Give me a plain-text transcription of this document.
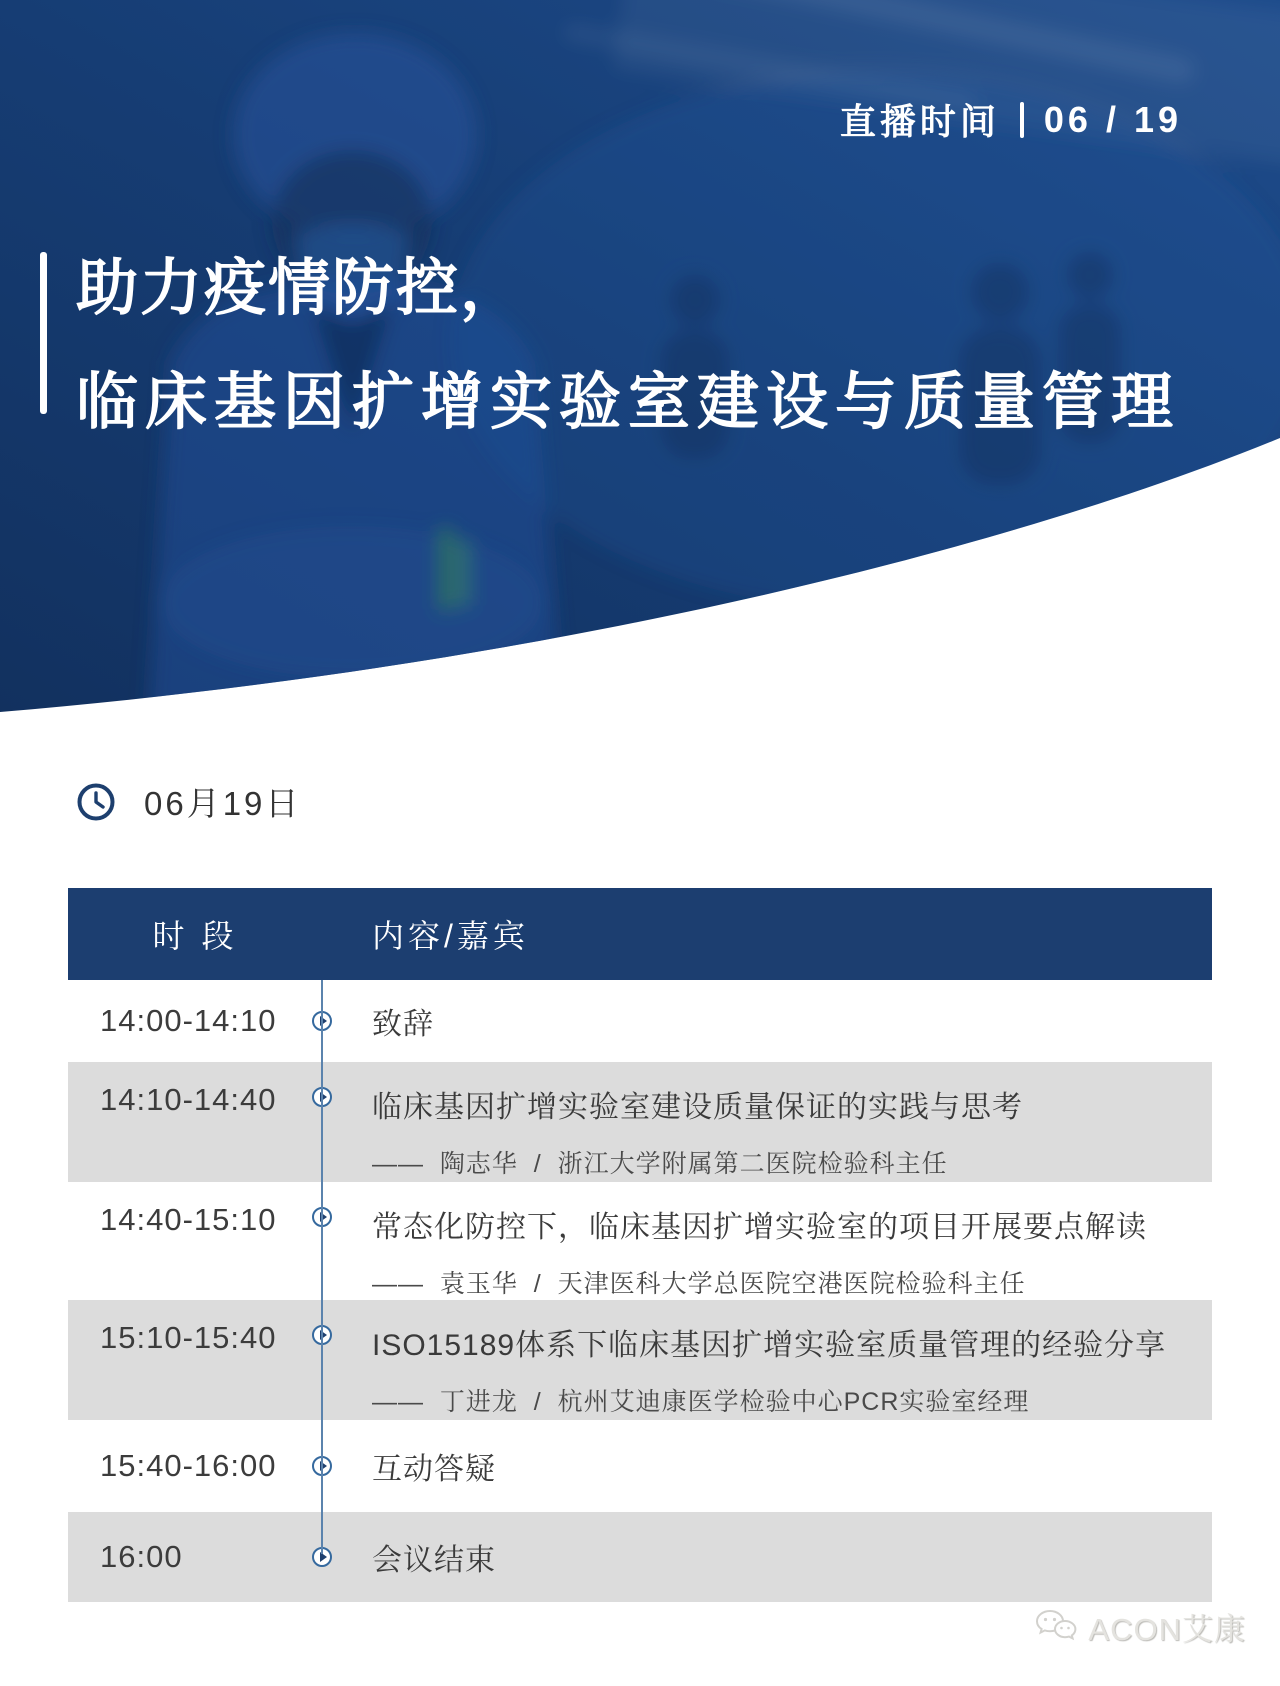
直播时间 06 / 19
助力疫情防控，
临床基因扩增实验室建设与质量管理
06月19日
时 段	内容/嘉宾
14:00-14:10	致辞
14:10-14:40	临床基因扩增实验室建设质量保证的实践与思考
——  陶志华  /  浙江大学附属第二医院检验科主任
14:40-15:10	常态化防控下，临床基因扩增实验室的项目开展要点解读
——  袁玉华  /  天津医科大学总医院空港医院检验科主任
15:10-15:40	ISO15189体系下临床基因扩增实验室质量管理的经验分享
——  丁进龙  /  杭州艾迪康医学检验中心PCR实验室经理
15:40-16:00	互动答疑
16:00	会议结束
ACON艾康
